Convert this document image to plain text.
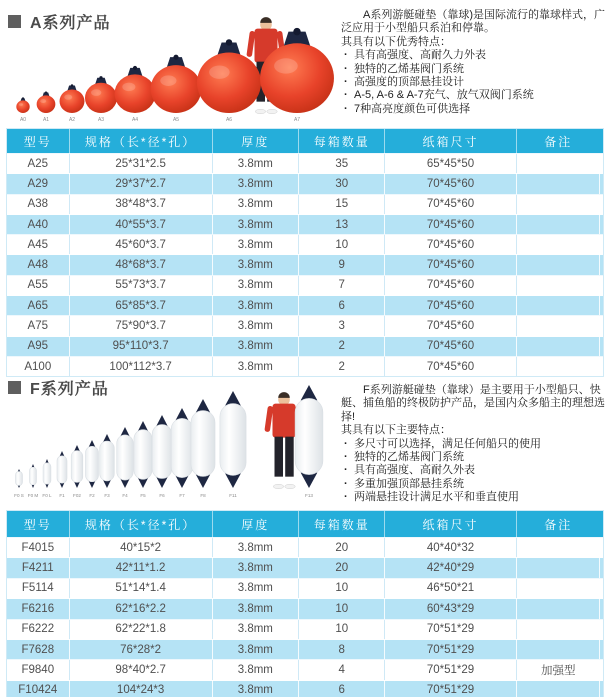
A系列产品
A0	A1	A2	A3	A4	A5	A6	A7

A系列游艇碰垫（靠球)是国际流行的靠球样式，广泛应用于小型船只系泊和停靠。

其具有以下优秀特点：

· 具有高强度、高耐久力外表
· 独特的乙烯基阀门系统
· 高强度的顶部悬挂设计
· A-5, A-6 & A-7充气、放气双阀门系统
· 7种高亮度颜色可供选择
型号	规格（长*径*孔）	厚度	每箱数量	纸箱尺寸	备注
A25	25*31*2.5	3.8mm	35	65*45*50
A29	29*37*2.7	3.8mm	30	70*45*60
A38	38*48*3.7	3.8mm	15	70*45*60
A40	40*55*3.7	3.8mm	13	70*45*60
A45	45*60*3.7	3.8mm	10	70*45*60
A48	48*68*3.7	3.8mm	9	70*45*60
A55	55*73*3.7	3.8mm	7	70*45*60
A65	65*85*3.7	3.8mm	6	70*45*60
A75	75*90*3.7	3.8mm	3	70*45*60
A95	95*110*3.7	3.8mm	2	70*45*60
A100	100*112*3.7	3.8mm	2	70*45*60
F系列产品
F0 S F0 M F0 L F1 F02 F2 F3	F4	F5	F6	F7	F8	F11	F13

F系列游艇碰垫（靠球）是主要用于小型船只、快艇、捕鱼船的终极防护产品，是国内众多船主的理想选择!

其具有以下主要特点：

· 多尺寸可以选择，满足任何船只的使用
· 独特的乙烯基阀门系统
· 具有高强度、高耐久外表
· 多重加强顶部悬挂系统
· 两端悬挂设计满足水平和垂直使用
型号	规格（长*径*孔）	厚度	每箱数量	纸箱尺寸	备注
F4015	40*15*2	3.8mm	20	40*40*32
F4211	42*11*1.2	3.8mm	20	42*40*29
F5114	51*14*1.4	3.8mm	10	46*50*21
F6216	62*16*2.2	3.8mm	10	60*43*29
F6222	62*22*1.8	3.8mm	10	70*51*29
F7628	76*28*2	3.8mm	8	70*51*29
F9840	98*40*2.7	3.8mm	4	70*51*29	加强型
F10424	104*24*3	3.8mm	6	70*51*29
